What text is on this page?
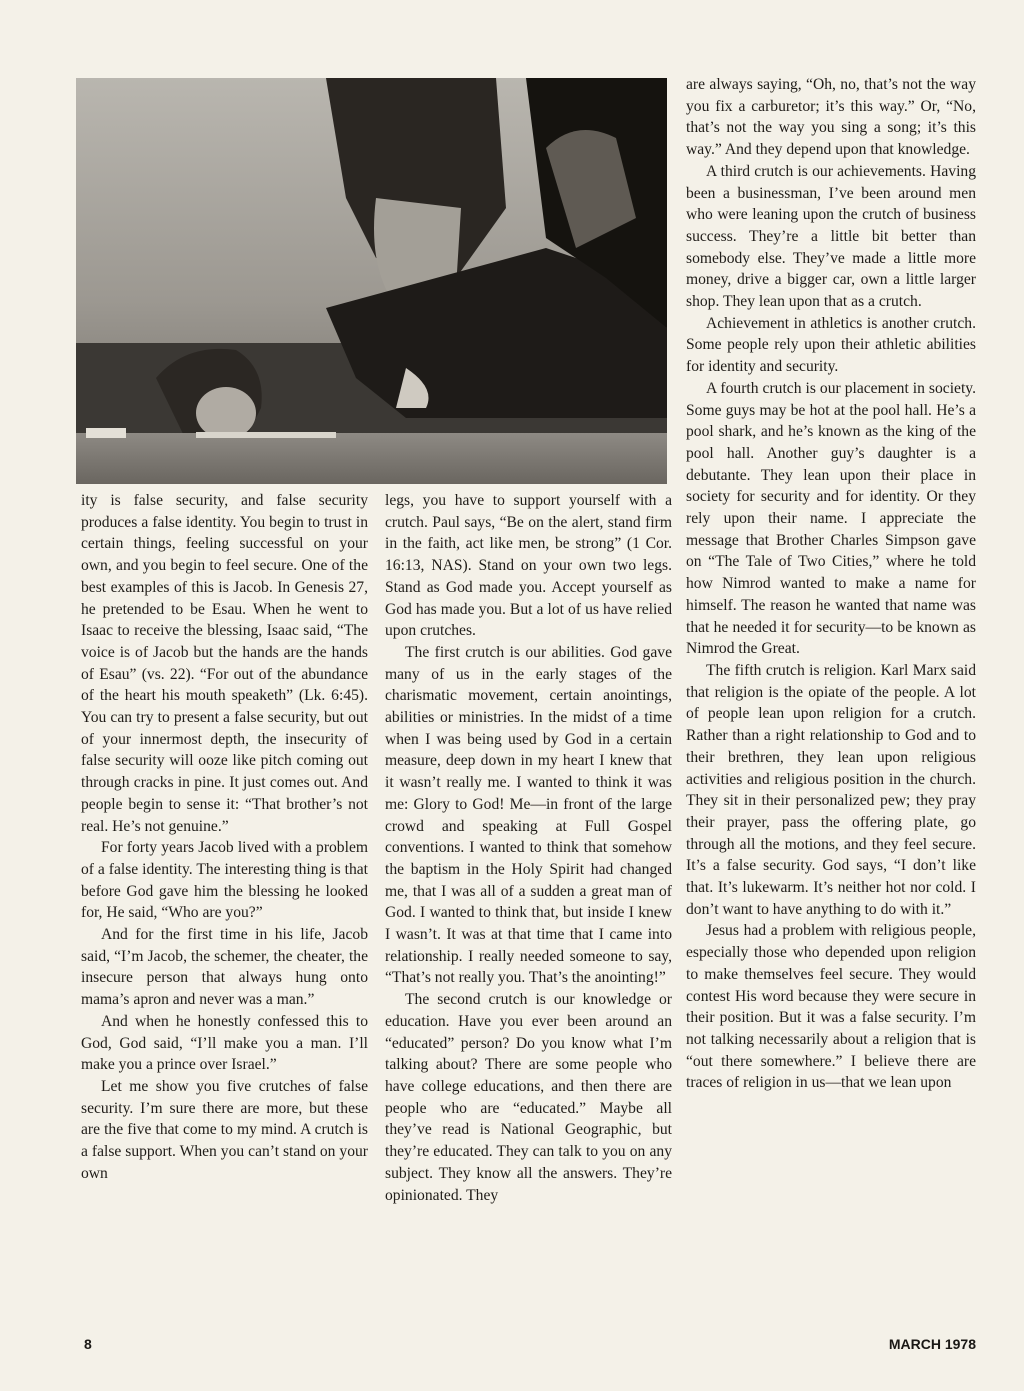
ity is false security, and false security produces a false identity. You begin to trust in certain things, feeling successful on your own, and you begin to feel secure. One of the best examples of this is Jacob. In Genesis 27, he pretended to be Esau. When he went to Isaac to receive the blessing, Isaac said, “The voice is of Jacob but the hands are the hands of Esau” (vs. 22). “For out of the abundance of the heart his mouth speaketh” (Lk. 6:45). You can try to present a false security, but out of your innermost depth, the insecurity of false security will ooze like pitch coming out through cracks in pine. It just comes out. And people begin to sense it: “That brother’s not real. He’s not genuine.”

For forty years Jacob lived with a problem of a false identity. The interesting thing is that before God gave him the blessing he looked for, He said, “Who are you?”

And for the first time in his life, Jacob said, “I’m Jacob, the schemer, the cheater, the insecure person that always hung onto mama’s apron and never was a man.”

And when he honestly confessed this to God, God said, “I’ll make you a man. I’ll make you a prince over Israel.”

Let me show you five crutches of false security. I’m sure there are more, but these are the five that come to my mind. A crutch is a false support. When you can’t stand on your own

legs, you have to support yourself with a crutch. Paul says, “Be on the alert, stand firm in the faith, act like men, be strong” (1 Cor. 16:13, NAS). Stand on your own two legs. Stand as God made you. Accept yourself as God has made you. But a lot of us have relied upon crutches.

The first crutch is our abilities. God gave many of us in the early stages of the charismatic movement, certain anointings, abilities or ministries. In the midst of a time when I was being used by God in a certain measure, deep down in my heart I knew that it wasn’t really me. I wanted to think it was me: Glory to God! Me—in front of the large crowd and speaking at Full Gospel conventions. I wanted to think that somehow the baptism in the Holy Spirit had changed me, that I was all of a sudden a great man of God. I wanted to think that, but inside I knew I wasn’t. It was at that time that I came into relationship. I really needed someone to say, “That’s not really you. That’s the anointing!”

The second crutch is our knowledge or education. Have you ever been around an “educated” person? Do you know what I’m talking about? There are some people who have college educations, and then there are people who are “educated.” Maybe all they’ve read is National Geographic, but they’re educated. They can talk to you on any subject. They know all the answers. They’re opinionated. They

are always saying, “Oh, no, that’s not the way you fix a carburetor; it’s this way.” Or, “No, that’s not the way you sing a song; it’s this way.” And they depend upon that knowledge.

A third crutch is our achievements. Having been a businessman, I’ve been around men who were leaning upon the crutch of business success. They’re a little bit better than somebody else. They’ve made a little more money, drive a bigger car, own a little larger shop. They lean upon that as a crutch.

Achievement in athletics is another crutch. Some people rely upon their athletic abilities for identity and security.

A fourth crutch is our placement in society. Some guys may be hot at the pool hall. He’s a pool shark, and he’s known as the king of the pool hall. Another guy’s daughter is a debutante. They lean upon their place in society for security and for identity. Or they rely upon their name. I appreciate the message that Brother Charles Simpson gave on “The Tale of Two Cities,” where he told how Nimrod wanted to make a name for himself. The reason he wanted that name was that he needed it for security—to be known as Nimrod the Great.

The fifth crutch is religion. Karl Marx said that religion is the opiate of the people. A lot of people lean upon religion for a crutch. Rather than a right relationship to God and to their brethren, they lean upon religious activities and religious position in the church. They sit in their personalized pew; they pray their prayer, pass the offering plate, go through all the motions, and they feel secure. It’s a false security. God says, “I don’t like that. It’s lukewarm. It’s neither hot nor cold. I don’t want to have anything to do with it.”

Jesus had a problem with religious people, especially those who depended upon religion to make themselves feel secure. They would contest His word because they were secure in their position. But it was a false security. I’m not talking necessarily about a religion that is “out there somewhere.” I believe there are traces of religion in us—that we lean upon

8	MARCH 1978
